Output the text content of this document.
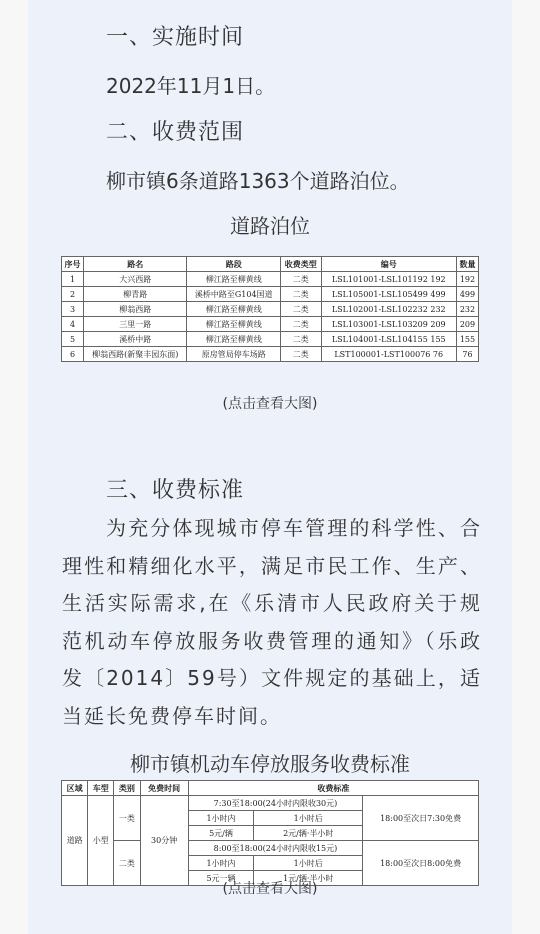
一、实施时间
2022年11月1日。
二、收费范围
柳市镇6条道路1363个道路泊位。
道路泊位
序号	路名	路段	收费类型	编号	数量
1	大兴西路	柳江路至柳黄线	二类	LSL101001-LSL101192 192	192
2	柳青路	溪桥中路至G104国道	二类	LSL105001-LSL105499 499	499
3	柳翁西路	柳江路至柳黄线	二类	LSL102001-LSL102232 232	232
4	三里一路	柳江路至柳黄线	二类	LSL103001-LSL103209 209	209
5	溪桥中路	柳江路至柳黄线	二类	LSL104001-LSL104155 155	155
6	柳翁西路(新聚丰园东面)	原房管局停车场路	二类	LST100001-LST100076 76	76
(点击查看大图)
三、收费标准
为充分体现城市停车管理的科学性、合理性和精细化水平，满足市民工作、生产、生活实际需求,在《乐清市人民政府关于规范机动车停放服务收费管理的通知》（乐政发〔2014〕59号）文件规定的基础上，适当延长免费停车时间。
柳市镇机动车停放服务收费标准
区域	车型	类别	免费时间	收费标准		
道路	小型	一类	30分钟	7:30至18:00(24小时内限收30元)		18:00至次日7:30免费
				1小时内	1小时后	
				5元/辆	2元/辆·半小时	
		二类		8:00至18:00(24小时内限收15元)		18:00至次日8:00免费
				1小时内	1小时后	
				5元一辆	1元/辆·半小时	
(点击查看大图)
